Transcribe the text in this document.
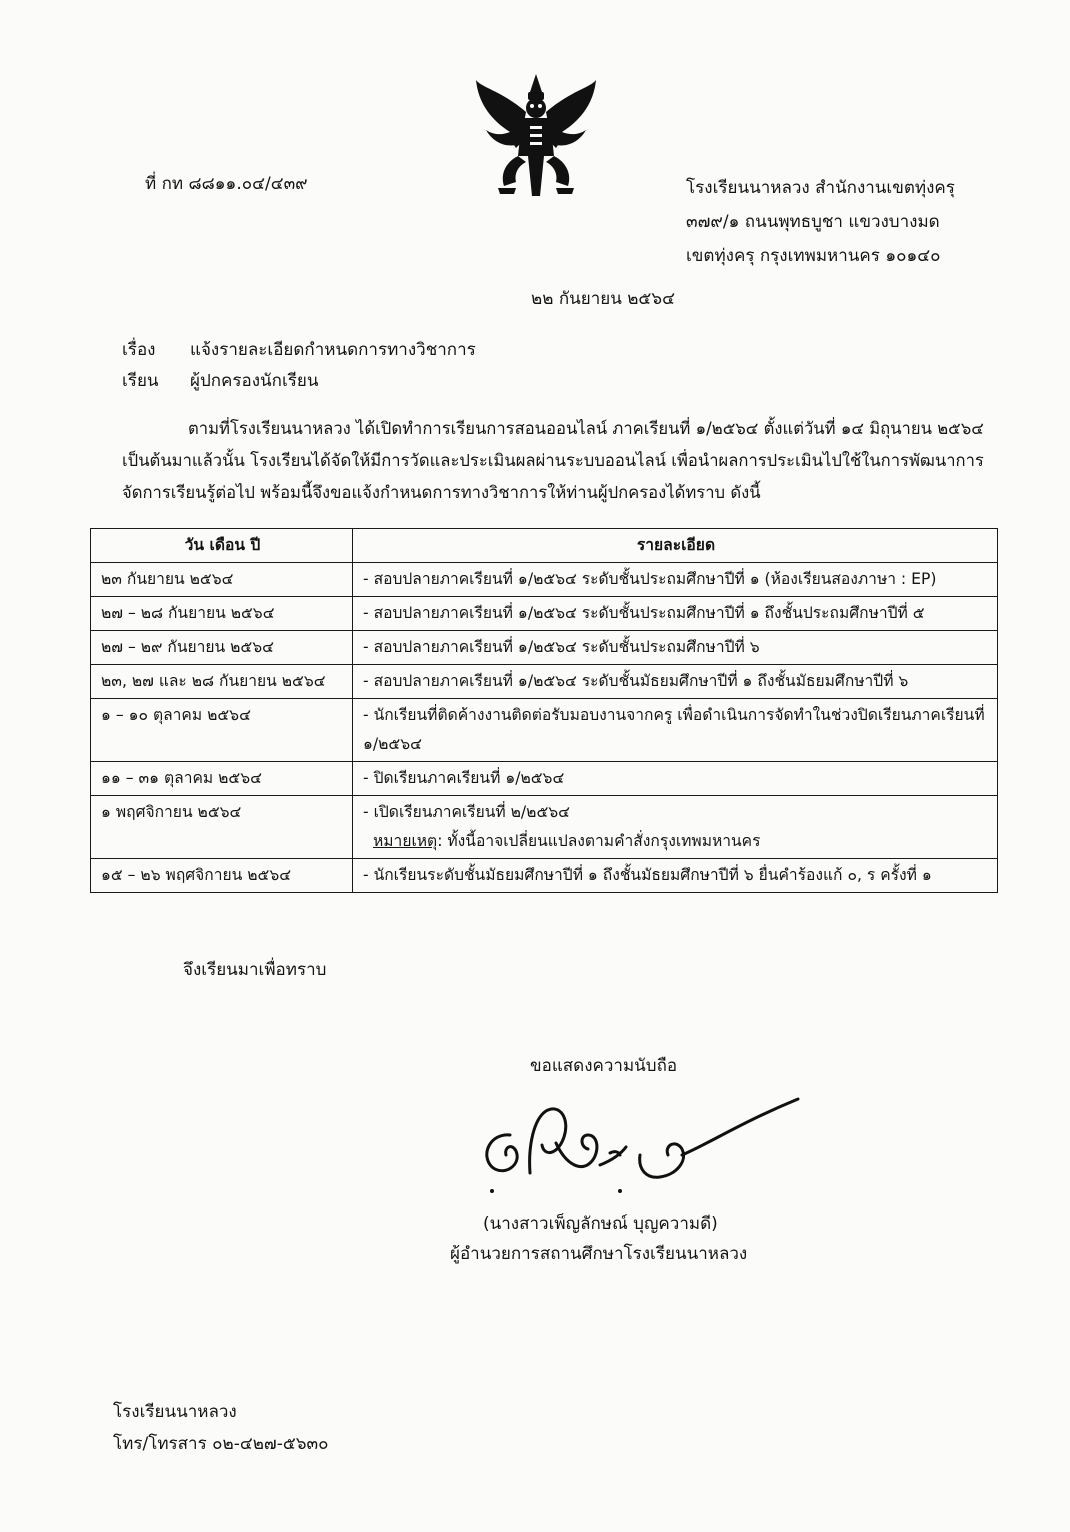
ที่ กท ๘๘๑๑.๐๔/๔๓๙	โรงเรียนนาหลวง สำนักงานเขตทุ่งครุ
๓๗๙/๑ ถนนพุทธบูชา แขวงบางมด
เขตทุ่งครุ กรุงเทพมหานคร ๑๐๑๔๐
๒๒ กันยายน ๒๕๖๔
เรื่อง แจ้งรายละเอียดกำหนดการทางวิชาการ
เรียน ผู้ปกครองนักเรียน
ตามที่โรงเรียนนาหลวง ได้เปิดทำการเรียนการสอนออนไลน์ ภาคเรียนที่ ๑/๒๕๖๔ ตั้งแต่วันที่ ๑๔ มิถุนายน ๒๕๖๔ เป็นต้นมาแล้วนั้น โรงเรียนได้จัดให้มีการวัดและประเมินผลผ่านระบบออนไลน์ เพื่อนำผลการประเมินไปใช้ในการพัฒนาการจัดการเรียนรู้ต่อไป พร้อมนี้จึงขอแจ้งกำหนดการทางวิชาการให้ท่านผู้ปกครองได้ทราบ ดังนี้
วัน เดือน ปี	รายละเอียด
๒๓ กันยายน ๒๕๖๔	- สอบปลายภาคเรียนที่ ๑/๒๕๖๔ ระดับชั้นประถมศึกษาปีที่ ๑ (ห้องเรียนสองภาษา : EP)
๒๗ – ๒๘ กันยายน ๒๕๖๔	- สอบปลายภาคเรียนที่ ๑/๒๕๖๔ ระดับชั้นประถมศึกษาปีที่ ๑ ถึงชั้นประถมศึกษาปีที่ ๕
๒๗ – ๒๙ กันยายน ๒๕๖๔	- สอบปลายภาคเรียนที่ ๑/๒๕๖๔ ระดับชั้นประถมศึกษาปีที่ ๖
๒๓, ๒๗ และ ๒๘ กันยายน ๒๕๖๔	- สอบปลายภาคเรียนที่ ๑/๒๕๖๔ ระดับชั้นมัธยมศึกษาปีที่ ๑ ถึงชั้นมัธยมศึกษาปีที่ ๖
๑ – ๑๐ ตุลาคม ๒๕๖๔	- นักเรียนที่ติดค้างงานติดต่อรับมอบงานจากครู เพื่อดำเนินการจัดทำในช่วงปิดเรียนภาคเรียนที่ ๑/๒๕๖๔
๑๑ – ๓๑ ตุลาคม ๒๕๖๔	- ปิดเรียนภาคเรียนที่ ๑/๒๕๖๔
๑ พฤศจิกายน ๒๕๖๔	- เปิดเรียนภาคเรียนที่ ๒/๒๕๖๔
หมายเหตุ: ทั้งนี้อาจเปลี่ยนแปลงตามคำสั่งกรุงเทพมหานคร

๑๕ – ๒๖ พฤศจิกายน ๒๕๖๔	- นักเรียนระดับชั้นมัธยมศึกษาปีที่ ๑ ถึงชั้นมัธยมศึกษาปีที่ ๖ ยื่นคำร้องแก้ ๐, ร ครั้งที่ ๑
จึงเรียนมาเพื่อทราบ
ขอแสดงความนับถือ
(นางสาวเพ็ญลักษณ์ บุญความดี)
ผู้อำนวยการสถานศึกษาโรงเรียนนาหลวง
โรงเรียนนาหลวง
โทร/โทรสาร ๐๒-๔๒๗-๕๖๓๐
